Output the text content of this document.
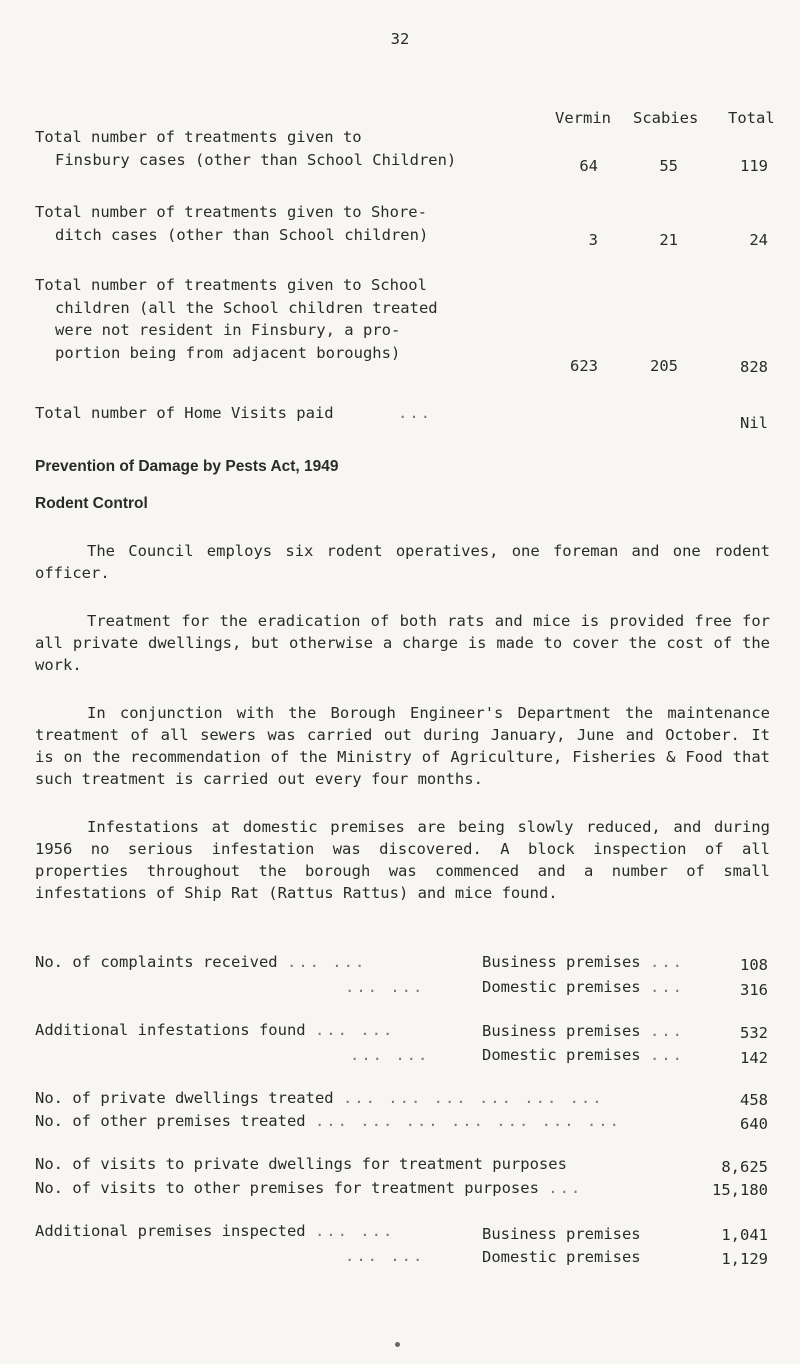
32
Vermin Scabies Total
Total number of treatments given to
Finsbury cases (other than School Children)	64	55	119
Total number of treatments given to Shore-
ditch cases (other than School children)	3	21	24
Total number of treatments given to School
children (all the School children treated
were not resident in Finsbury, a pro-
portion being from adjacent boroughs)
623	205	828
Total number of Home Visits paid	...
Nil
Prevention of Damage by Pests Act, 1949
Rodent Control
The Council employs six rodent operatives, one foreman and one rodent officer.
Treatment for the eradication of both rats and mice is provided free for all private dwellings, but otherwise a charge is made to cover the cost of the work.
In conjunction with the Borough Engineer's Department the maintenance treatment of all sewers was carried out during January, June and October. It is on the recommendation of the Ministry of Agriculture, Fisheries & Food that such treatment is carried out every four months.
Infestations at domestic premises are being slowly reduced, and during 1956 no serious infestation was discovered. A block inspection of all properties throughout the borough was commenced and a number of small infestations of Ship Rat (Rattus Rattus) and mice found.
No. of complaints received ... ...	Business premises ...	108
... ...	Domestic premises ...	316
Additional infestations found ... ...	Business premises ...	532
... ...	Domestic premises ...	142
No. of private dwellings treated ... ... ... ... ... ...	458
No. of other premises treated ... ... ... ... ... ... ...	640
No. of visits to private dwellings for treatment purposes	8,625
No. of visits to other premises for treatment purposes ...	15,180
Additional premises inspected ... ...	Business premises	1,041
... ...	Domestic premises	1,129
